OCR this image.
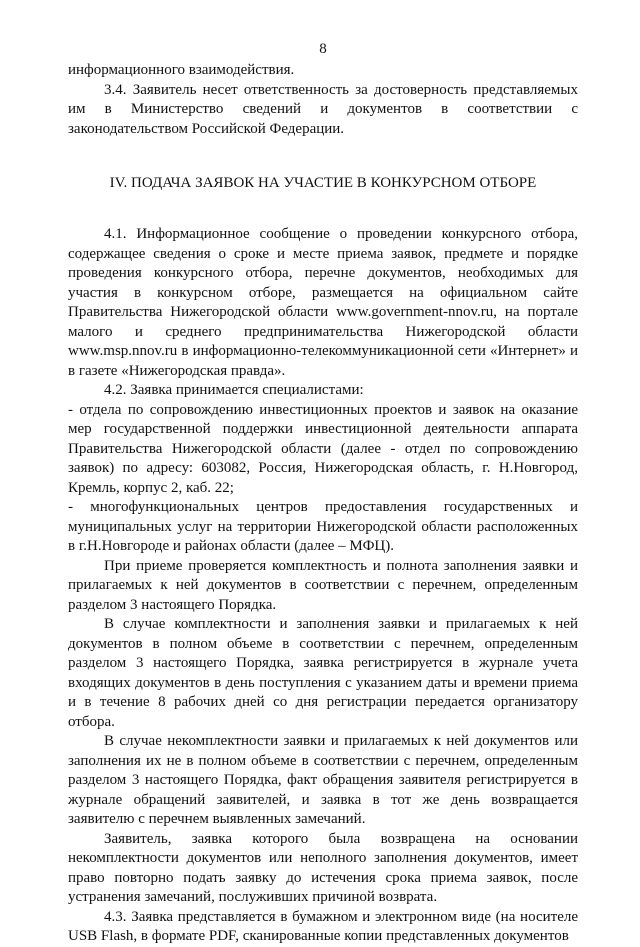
8

информационного взаимодействия.

3.4. Заявитель несет ответственность за достоверность представляемых им в Министерство сведений и документов в соответствии с законодательством Российской Федерации.

IV. ПОДАЧА ЗАЯВОК НА УЧАСТИЕ В КОНКУРСНОМ ОТБОРЕ

4.1. Информационное сообщение о проведении конкурсного отбора, содержащее сведения о сроке и месте приема заявок, предмете и порядке проведения конкурсного отбора, перечне документов, необходимых для участия в конкурсном отборе, размещается на официальном сайте Правительства Нижегородской области www.government-nnov.ru, на портале малого и среднего предпринимательства Нижегородской области www.msp.nnov.ru в информационно-телекоммуникационной сети «Интернет» и в газете «Нижегородская правда».

4.2. Заявка принимается специалистами:

- отдела по сопровождению инвестиционных проектов и заявок на оказание мер государственной поддержки инвестиционной деятельности аппарата Правительства Нижегородской области (далее - отдел по сопровождению заявок) по адресу: 603082, Россия, Нижегородская область, г. Н.Новгород, Кремль, корпус 2, каб. 22;

- многофункциональных центров предоставления государственных и муниципальных услуг на территории Нижегородской области расположенных в г.Н.Новгороде и районах области (далее – МФЦ).

При приеме проверяется комплектность и полнота заполнения заявки и прилагаемых к ней документов в соответствии с перечнем, определенным разделом 3 настоящего Порядка.

В случае комплектности и заполнения заявки и прилагаемых к ней документов в полном объеме в соответствии с перечнем, определенным разделом 3 настоящего Порядка, заявка регистрируется в журнале учета входящих документов в день поступления с указанием даты и времени приема и в течение 8 рабочих дней со дня регистрации передается организатору отбора.

В случае некомплектности заявки и прилагаемых к ней документов или заполнения их не в полном объеме в соответствии с перечнем, определенным разделом 3 настоящего Порядка, факт обращения заявителя регистрируется в журнале обращений заявителей, и заявка в тот же день возвращается заявителю с перечнем выявленных замечаний.

Заявитель, заявка которого была возвращена на основании некомплектности документов или неполного заполнения документов, имеет право повторно подать заявку до истечения срока приема заявок, после устранения замечаний, послуживших причиной возврата.

4.3. Заявка представляется в бумажном и электронном виде (на носителе USB Flash, в формате PDF, сканированные копии представленных документов
